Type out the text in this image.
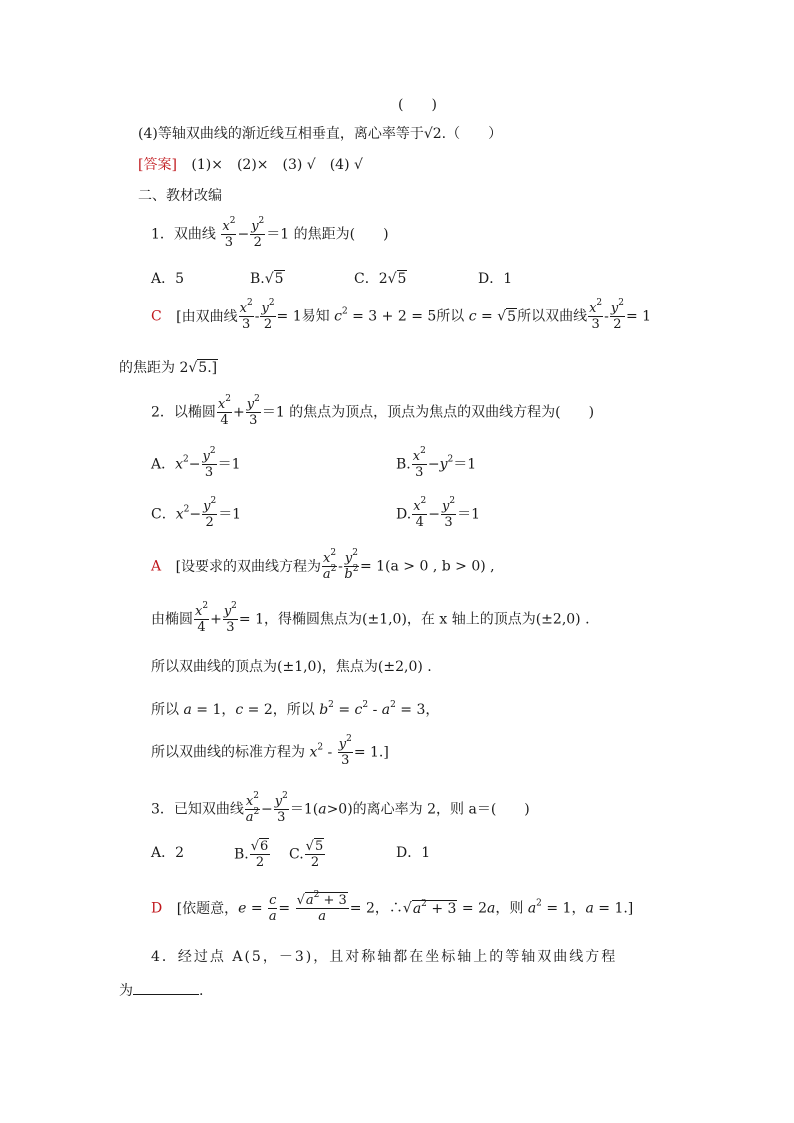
(　　)
(4)等轴双曲线的渐近线互相垂直，离心率等于√2.（　　）
[答案] (1)×　(2)×　(3) √　(4) √
二、教材改编
1．双曲线 $\frac{x^2}{3} - \frac{y^2}{2} =1$ 的焦距为(　　)
A．5	B.√5	C．2√5	D．1
C [由双曲线 $\frac{x^2}{3} - \frac{y^2}{2} = 1$易知 $c^2 = 3 + 2 = 5$所以 c = √5所以双曲线 $\frac{x^2}{3} - \frac{y^2}{2} = 1$
的焦距为 2√5.]
2．以椭圆 $\frac{x^2}{4} + \frac{y^2}{3} =1$ 的焦点为顶点，顶点为焦点的双曲线方程为(　　)
A．$x^2- \frac{y^2}{3} =1$	B. $\frac{x^2}{3} -y^2=1$
C．$x^2- \frac{y^2}{2} =1$	D. $\frac{x^2}{4} - \frac{y^2}{3} =1$
A [设要求的双曲线方程为 $\frac{x^2}{a^2} - \frac{y^2}{b^2} = 1(a > 0$ , b > 0) ,
由椭圆 $\frac{x^2}{4} + \frac{y^2}{3} = 1$，得椭圆焦点为(±1,0)，在 x 轴上的顶点为(±2,0) .
所以双曲线的顶点为(±1,0)，焦点为(±2,0) .
所以 a = 1，c = 2，所以 $b^2 = c^2 - a^2 = 3$，
所以双曲线的标准方程为 $x^2 - \frac{y^2}{3} = 1$.]
3．已知双曲线 $\frac{x^2}{a^2} - \frac{y^2}{3} =1(a>0)$的离心率为 2，则 a＝(　　)
A．2	B. $\frac{√6}{2} C$. $\frac{√5}{2}$	D．1
D [依题意，$e = \frac{c}{a} = \frac{√a^2 + 3}{a} = 2$，$\therefore√a^2 + 3 = 2a$，则 $a^2 = 1$，a = 1.]
4．经过点 A(5，－3)，且对称轴都在坐标轴上的等轴双曲线方程
为	.
